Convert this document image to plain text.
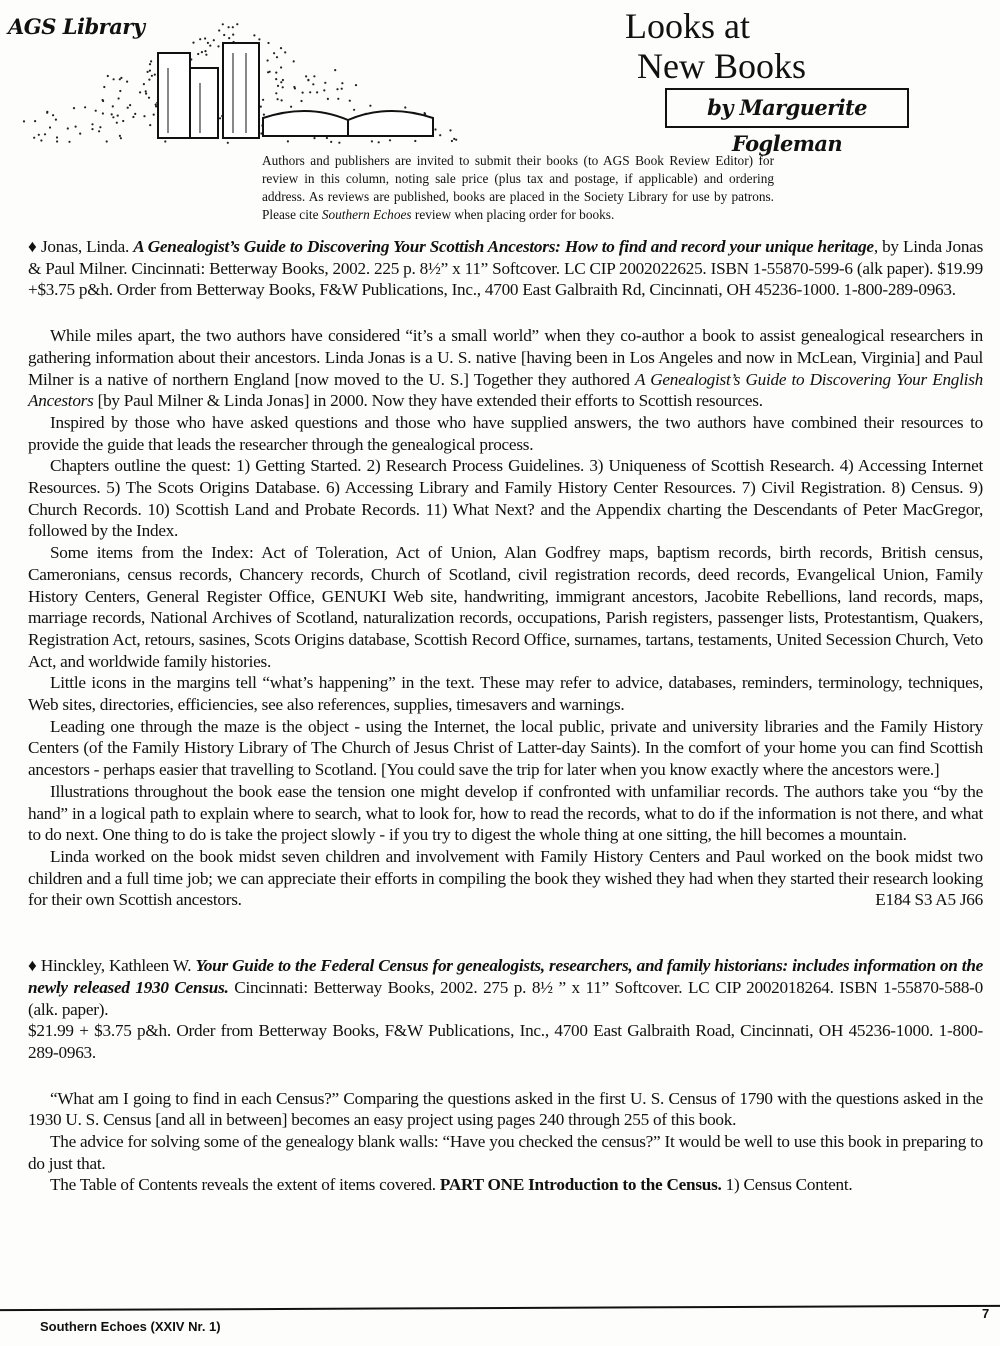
AGS Library	Looks at
New Books
by Marguerite Fogleman
Authors and publishers are invited to submit their books (to AGS Book Review Editor) for review in this column, noting sale price (plus tax and postage, if applicable) and ordering address. As reviews are published, books are placed in the Society Library for use by patrons. Please cite Southern Echoes review when placing order for books.
♦ Jonas, Linda. A Genealogist’s Guide to Discovering Your Scottish Ancestors: How to find and record your unique heritage, by Linda Jonas & Paul Milner. Cincinnati: Betterway Books, 2002. 225 p. 8½” x 11” Softcover. LC CIP 2002022625. ISBN 1-55870-599-6 (alk paper). $19.99 +$3.75 p&h. Order from Betterway Books, F&W Publications, Inc., 4700 East Galbraith Rd, Cincinnati, OH 45236-1000. 1-800-289-0963.

While miles apart, the two authors have considered “it’s a small world” when they co-author a book to assist genealogical researchers in gathering information about their ancestors. Linda Jonas is a U. S. native [having been in Los Angeles and now in McLean, Virginia] and Paul Milner is a native of northern England [now moved to the U. S.] Together they authored A Genealogist’s Guide to Discovering Your English Ancestors [by Paul Milner & Linda Jonas] in 2000. Now they have extended their efforts to Scottish resources.

Inspired by those who have asked questions and those who have supplied answers, the two authors have combined their resources to provide the guide that leads the researcher through the genealogical process.

Chapters outline the quest: 1) Getting Started. 2) Research Process Guidelines. 3) Uniqueness of Scottish Research. 4) Accessing Internet Resources. 5) The Scots Origins Database. 6) Accessing Library and Family History Center Resources. 7) Civil Registration. 8) Census. 9) Church Records. 10) Scottish Land and Probate Records. 11) What Next? and the Appendix charting the Descendants of Peter MacGregor, followed by the Index.

Some items from the Index: Act of Toleration, Act of Union, Alan Godfrey maps, baptism records, birth records, British census, Cameronians, census records, Chancery records, Church of Scotland, civil registration records, deed records, Evangelical Union, Family History Centers, General Register Office, GENUKI Web site, handwriting, immigrant ancestors, Jacobite Rebellions, land records, maps, marriage records, National Archives of Scotland, naturalization records, occupations, Parish registers, passenger lists, Protestantism, Quakers, Registration Act, retours, sasines, Scots Origins database, Scottish Record Office, surnames, tartans, testaments, United Secession Church, Veto Act, and worldwide family histories.

Little icons in the margins tell “what’s happening” in the text. These may refer to advice, databases, reminders, terminology, techniques, Web sites, directories, efficiencies, see also references, supplies, timesavers and warnings.

Leading one through the maze is the object - using the Internet, the local public, private and university libraries and the Family History Centers (of the Family History Library of The Church of Jesus Christ of Latter-day Saints). In the comfort of your home you can find Scottish ancestors - perhaps easier that travelling to Scotland. [You could save the trip for later when you know exactly where the ancestors were.]

Illustrations throughout the book ease the tension one might develop if confronted with unfamiliar records. The authors take you “by the hand” in a logical path to explain where to search, what to look for, how to read the records, what to do if the information is not there, and what to do next. One thing to do is take the project slowly - if you try to digest the whole thing at one sitting, the hill becomes a mountain.

Linda worked on the book midst seven children and involvement with Family History Centers and Paul worked on the book midst two children and a full time job; we can appreciate their efforts in compiling the book they wished they had when they started their research looking for their own Scottish ancestors.	E184 S3 A5 J66
♦ Hinckley, Kathleen W. Your Guide to the Federal Census for genealogists, researchers, and family historians: includes information on the newly released 1930 Census. Cincinnati: Betterway Books, 2002. 275 p. 8½ ” x 11” Softcover. LC CIP 2002018264. ISBN 1-55870-588-0 (alk. paper).
$21.99 + $3.75 p&h. Order from Betterway Books, F&W Publications, Inc., 4700 East Galbraith Road, Cincinnati, OH 45236-1000. 1-800-289-0963.

“What am I going to find in each Census?” Comparing the questions asked in the first U. S. Census of 1790 with the questions asked in the 1930 U. S. Census [and all in between] becomes an easy project using pages 240 through 255 of this book.

The advice for solving some of the genealogy blank walls: “Have you checked the census?” It would be well to use this book in preparing to do just that.

The Table of Contents reveals the extent of items covered. PART ONE Introduction to the Census. 1) Census Content.

Southern Echoes (XXIV Nr. 1)
7
